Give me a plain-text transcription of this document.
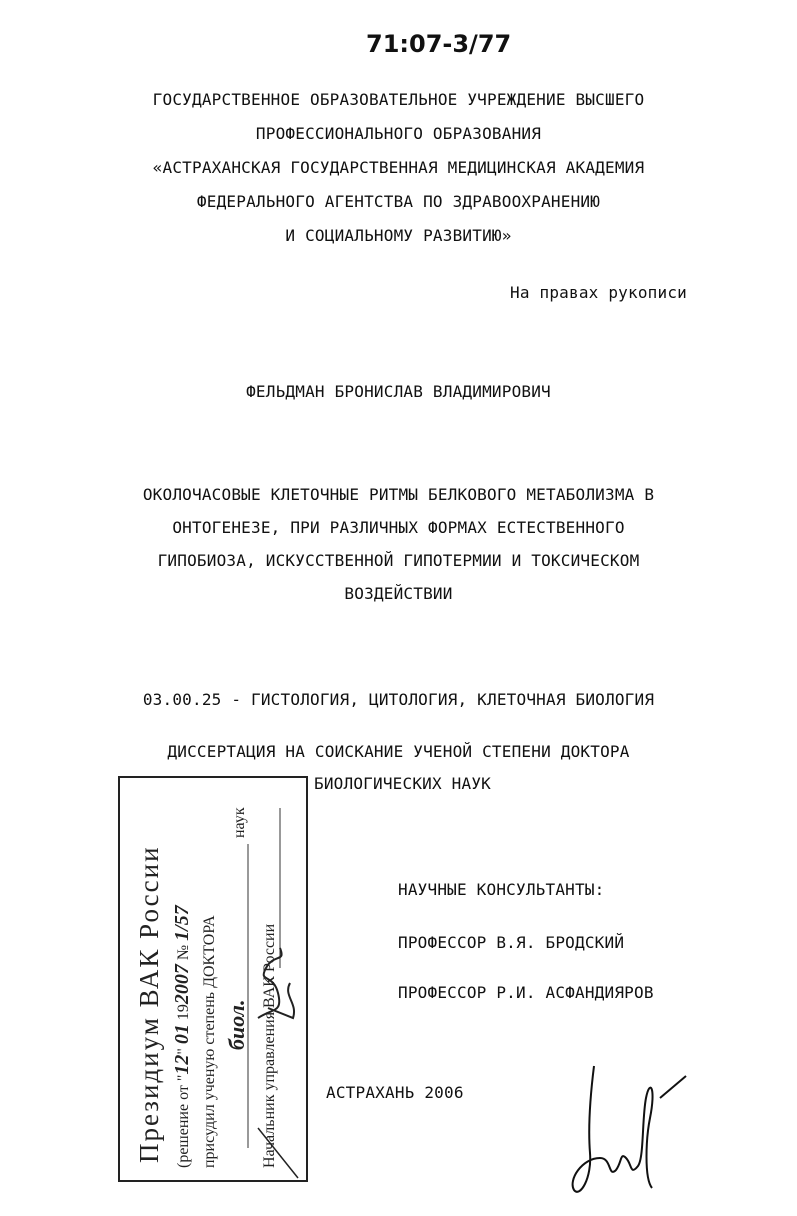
71:07-3/77
ГОСУДАРСТВЕННОЕ ОБРАЗОВАТЕЛЬНОЕ УЧРЕЖДЕНИЕ ВЫСШЕГО
ПРОФЕССИОНАЛЬНОГО ОБРАЗОВАНИЯ
«АСТРАХАНСКАЯ ГОСУДАРСТВЕННАЯ МЕДИЦИНСКАЯ АКАДЕМИЯ
ФЕДЕРАЛЬНОГО АГЕНТСТВА ПО ЗДРАВООХРАНЕНИЮ
И СОЦИАЛЬНОМУ РАЗВИТИЮ»
На правах рукописи
ФЕЛЬДМАН БРОНИСЛАВ ВЛАДИМИРОВИЧ
ОКОЛОЧАСОВЫЕ КЛЕТОЧНЫЕ РИТМЫ БЕЛКОВОГО МЕТАБОЛИЗМА В
ОНТОГЕНЕЗЕ, ПРИ РАЗЛИЧНЫХ ФОРМАХ ЕСТЕСТВЕННОГО
ГИПОБИОЗА, ИСКУССТВЕННОЙ ГИПОТЕРМИИ И ТОКСИЧЕСКОМ
ВОЗДЕЙСТВИИ
03.00.25 - ГИСТОЛОГИЯ, ЦИТОЛОГИЯ, КЛЕТОЧНАЯ БИОЛОГИЯ
ДИССЕРТАЦИЯ НА СОИСКАНИЕ УЧЕНОЙ СТЕПЕНИ ДОКТОРА
БИОЛОГИЧЕСКИХ НАУК
НАУЧНЫЕ КОНСУЛЬТАНТЫ:
ПРОФЕССОР В.Я. БРОДСКИЙ
ПРОФЕССОР Р.И. АСФАНДИЯРОВ
АСТРАХАНЬ 2006
Президиум ВАК России (решение от "12" 01 192007 № 1/57 присудил ученую степень ДОКТОРА биол.
наук
Начальник управления ВАК России
